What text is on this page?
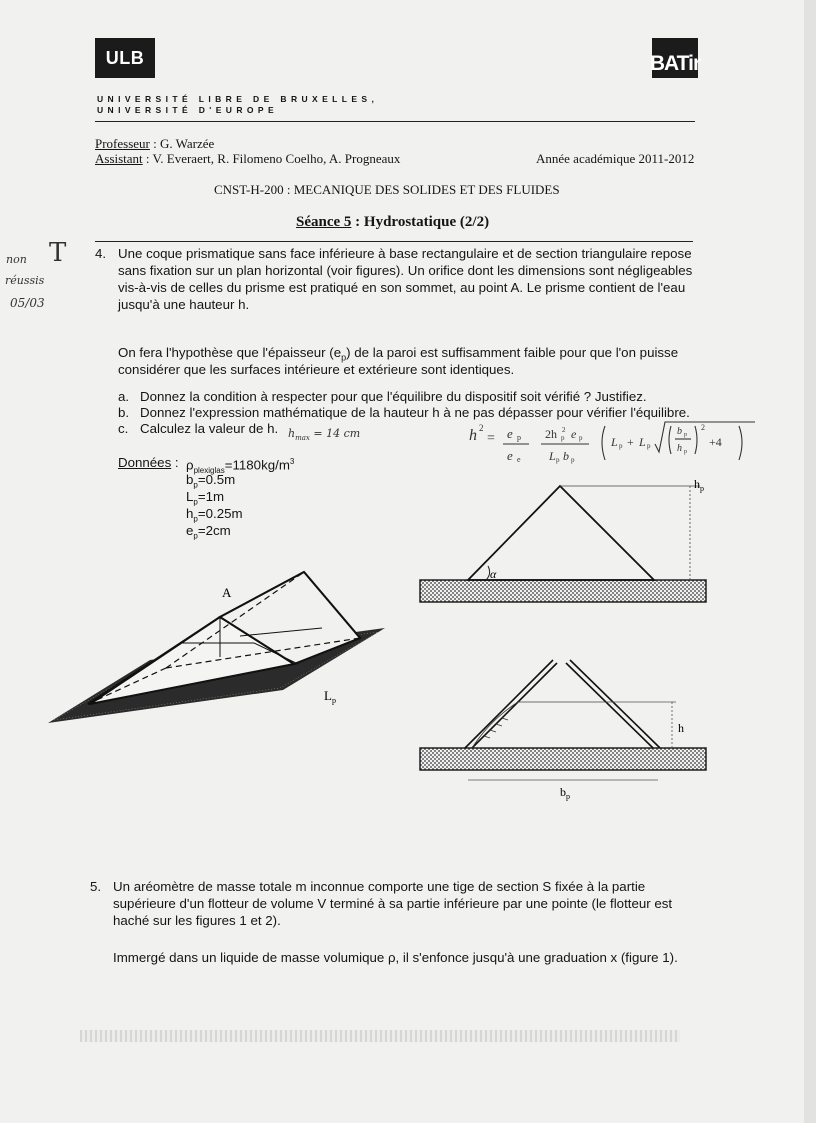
ULB	BATir
UNIVERSITÉ LIBRE DE BRUXELLES,
UNIVERSITÉ D'EUROPE
Professeur : G. Warzée
Assistant : V. Everaert, R. Filomeno Coelho, A. Progneaux	Année académique 2011-2012
CNST-H-200 : MECANIQUE DES SOLIDES ET DES FLUIDES
Séance 5 : Hydrostatique (2/2)
non
réussis
05/03
T 4. Une coque prismatique sans face inférieure à base rectangulaire et de section triangulaire repose
sans fixation sur un plan horizontal (voir figures). Un orifice dont les dimensions sont négligeables
vis-à-vis de celles du prisme est pratiqué en son sommet, au point A. Le prisme contient de l'eau
jusqu'à une hauteur h.
On fera l'hypothèse que l'épaisseur $(e_p)$ de la paroi est suffisamment faible pour que l'on puisse
considérer que les surfaces intérieure et extérieure sont identiques.
a. Donnez la condition à respecter pour que l'équilibre du dispositif soit vérifié ? Justifiez.
b. Donnez l'expression mathématique de la hauteur h à ne pas dépasser pour vérifier l'équilibre.
c. Calculez la valeur de h. $h_{max} = 14$ cm	h 2
= e p
e e
2h 2
p e p
L p b p
L p + L p
b p
h p
2
+4
Données : $\rho_{plexiglas}=1180kg/m^3$
$b_p=0.5m$
$L_p=1m$
$h_p=0.25m$
$e_p=2cm$
A
$L_p$
α
$h_p$
h
$b_p$
5. Un aréomètre de masse totale m inconnue comporte une tige de section S fixée à la partie
supérieure d'un flotteur de volume V terminé à sa partie inférieure par une pointe (le flotteur est
haché sur les figures 1 et 2).
Immergé dans un liquide de masse volumique ρ, il s'enfonce jusqu'à une graduation x (figure 1).
